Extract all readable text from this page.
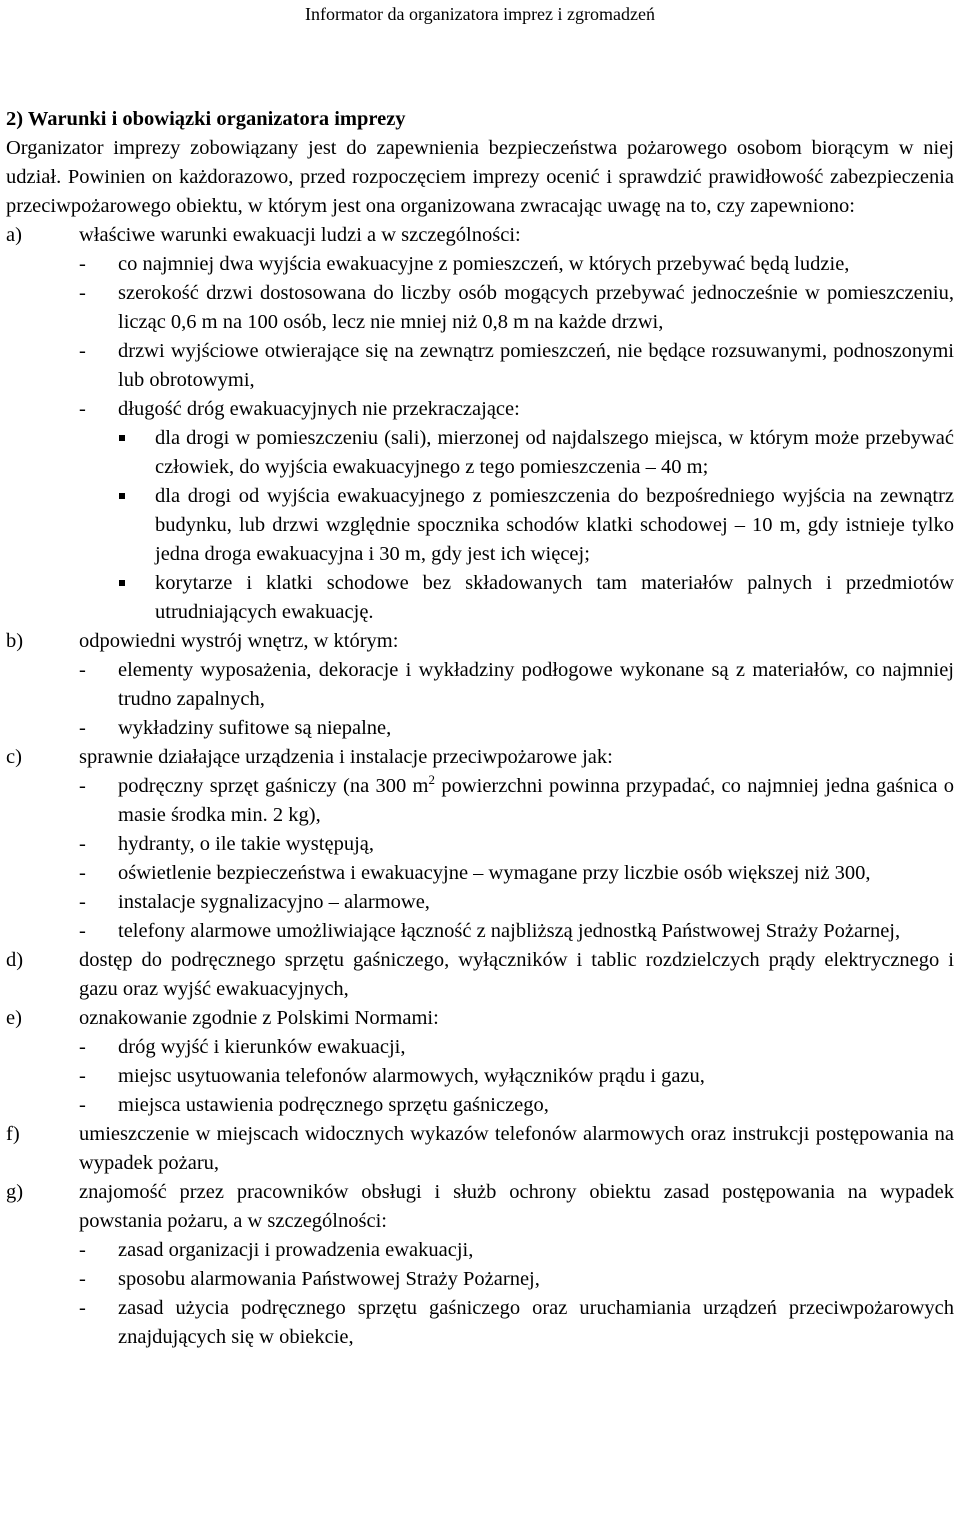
Informator da organizatora imprez i zgromadzeń
2) Warunki i obowiązki organizatora imprezy
Organizator imprezy zobowiązany jest do zapewnienia bezpieczeństwa pożarowego osobom biorącym w niej udział. Powinien on każdorazowo, przed rozpoczęciem imprezy ocenić i sprawdzić prawidłowość zabezpieczenia przeciwpożarowego obiektu, w którym jest ona organizowana zwracając uwagę na to, czy zapewniono:
a)	właściwe warunki ewakuacji ludzi a w szczególności:
- co najmniej dwa wyjścia ewakuacyjne z pomieszczeń, w których przebywać będą ludzie,
- szerokość drzwi dostosowana do liczby osób mogących przebywać jednocześnie w pomieszczeniu, licząc 0,6 m na 100 osób, lecz nie mniej niż 0,8 m na każde drzwi,
- drzwi wyjściowe otwierające się na zewnątrz pomieszczeń, nie będące rozsuwanymi, podnoszonymi lub obrotowymi,
- długość dróg ewakuacyjnych nie przekraczające:
dla drogi w pomieszczeniu (sali), mierzonej od najdalszego miejsca, w którym może przebywać człowiek, do wyjścia ewakuacyjnego z tego pomieszczenia – 40 m;
dla drogi od wyjścia ewakuacyjnego z pomieszczenia do bezpośredniego wyjścia na zewnątrz budynku, lub drzwi względnie spocznika schodów klatki schodowej – 10 m, gdy istnieje tylko jedna droga ewakuacyjna i 30 m, gdy jest ich więcej;
korytarze i klatki schodowe bez składowanych tam materiałów palnych i przedmiotów utrudniających ewakuację.
b)	odpowiedni wystrój wnętrz, w którym:
- elementy wyposażenia, dekoracje i wykładziny podłogowe wykonane są z materiałów, co najmniej trudno zapalnych,
- wykładziny sufitowe są niepalne,
c)	sprawnie działające urządzenia i instalacje przeciwpożarowe jak:
- podręczny sprzęt gaśniczy (na 300 $m^2$ powierzchni powinna przypadać, co najmniej jedna gaśnica o masie środka min. 2 kg),
- hydranty, o ile takie występują,
- oświetlenie bezpieczeństwa i ewakuacyjne – wymagane przy liczbie osób większej niż 300,
- instalacje sygnalizacyjno – alarmowe,
- telefony alarmowe umożliwiające łączność z najbliższą jednostką Państwowej Straży Pożarnej,
d)	dostęp do podręcznego sprzętu gaśniczego, wyłączników i tablic rozdzielczych prądy elektrycznego i gazu oraz wyjść ewakuacyjnych,
e)	oznakowanie zgodnie z Polskimi Normami:
- dróg wyjść i kierunków ewakuacji,
- miejsc usytuowania telefonów alarmowych, wyłączników prądu i gazu,
- miejsca ustawienia podręcznego sprzętu gaśniczego,
f)	umieszczenie w miejscach widocznych wykazów telefonów alarmowych oraz instrukcji postępowania na wypadek pożaru,
g)	znajomość przez pracowników obsługi i służb ochrony obiektu zasad postępowania na wypadek powstania pożaru, a w szczególności:
- zasad organizacji i prowadzenia ewakuacji,
- sposobu alarmowania Państwowej Straży Pożarnej,
- zasad użycia podręcznego sprzętu gaśniczego oraz uruchamiania urządzeń przeciwpożarowych znajdujących się w obiekcie,
